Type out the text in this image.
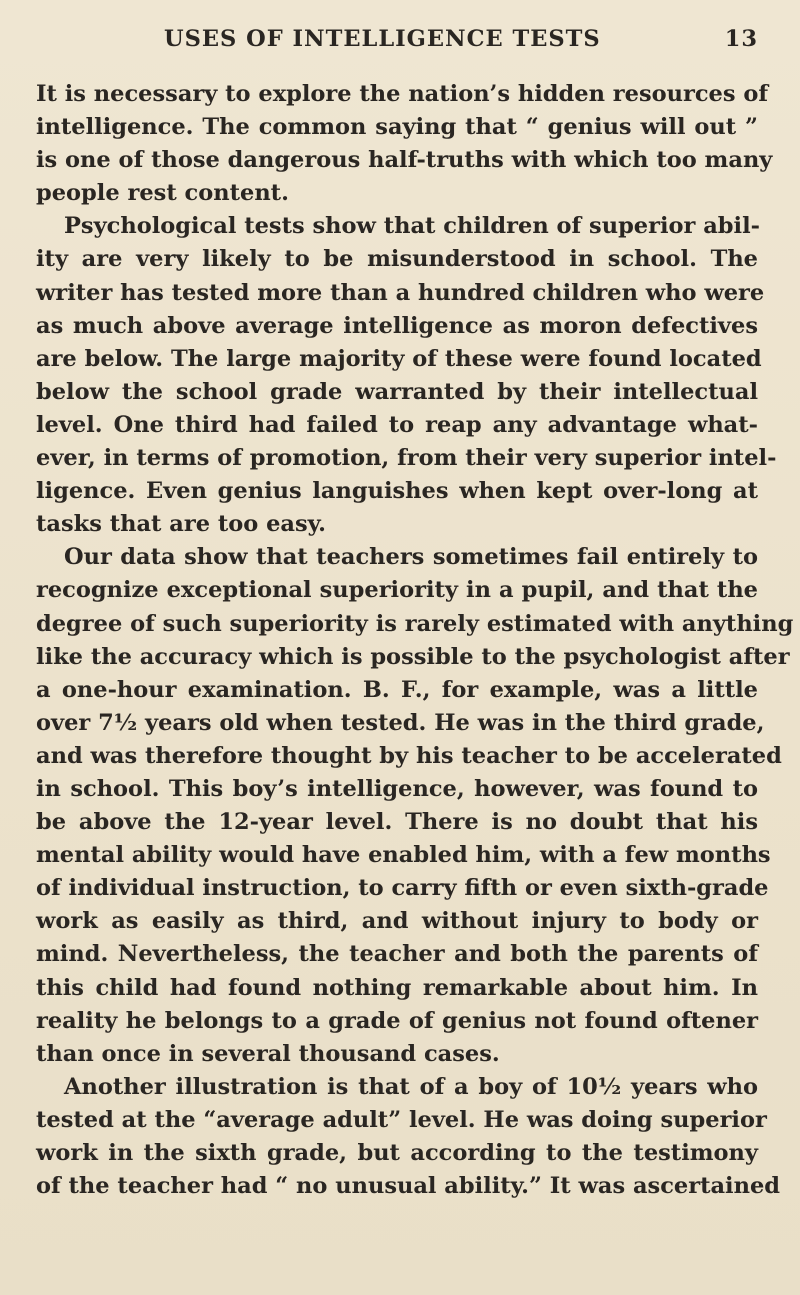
USES OF INTELLIGENCE TESTS	13
It is necessary to explore the nation’s hidden resources of
intelligence. The common saying that “ genius will out ”
is one of those dangerous half-truths with which too many
people rest content.
Psychological tests show that children of superior abil-
ity are very likely to be misunderstood in school. The
writer has tested more than a hundred children who were
as much above average intelligence as moron defectives
are below. The large majority of these were found located
below the school grade warranted by their intellectual
level. One third had failed to reap any advantage what-
ever, in terms of promotion, from their very superior intel-
ligence. Even genius languishes when kept over-long at
tasks that are too easy.
Our data show that teachers sometimes fail entirely to
recognize exceptional superiority in a pupil, and that the
degree of such superiority is rarely estimated with anything
like the accuracy which is possible to the psychologist after
a one-hour examination. B. F., for example, was a little
over 7½ years old when tested. He was in the third grade,
and was therefore thought by his teacher to be accelerated
in school. This boy’s intelligence, however, was found to
be above the 12-year level. There is no doubt that his
mental ability would have enabled him, with a few months
of individual instruction, to carry fifth or even sixth-grade
work as easily as third, and without injury to body or
mind. Nevertheless, the teacher and both the parents of
this child had found nothing remarkable about him. In
reality he belongs to a grade of genius not found oftener
than once in several thousand cases.
Another illustration is that of a boy of 10½ years who
tested at the “average adult” level. He was doing superior
work in the sixth grade, but according to the testimony
of the teacher had “ no unusual ability.” It was ascertained
